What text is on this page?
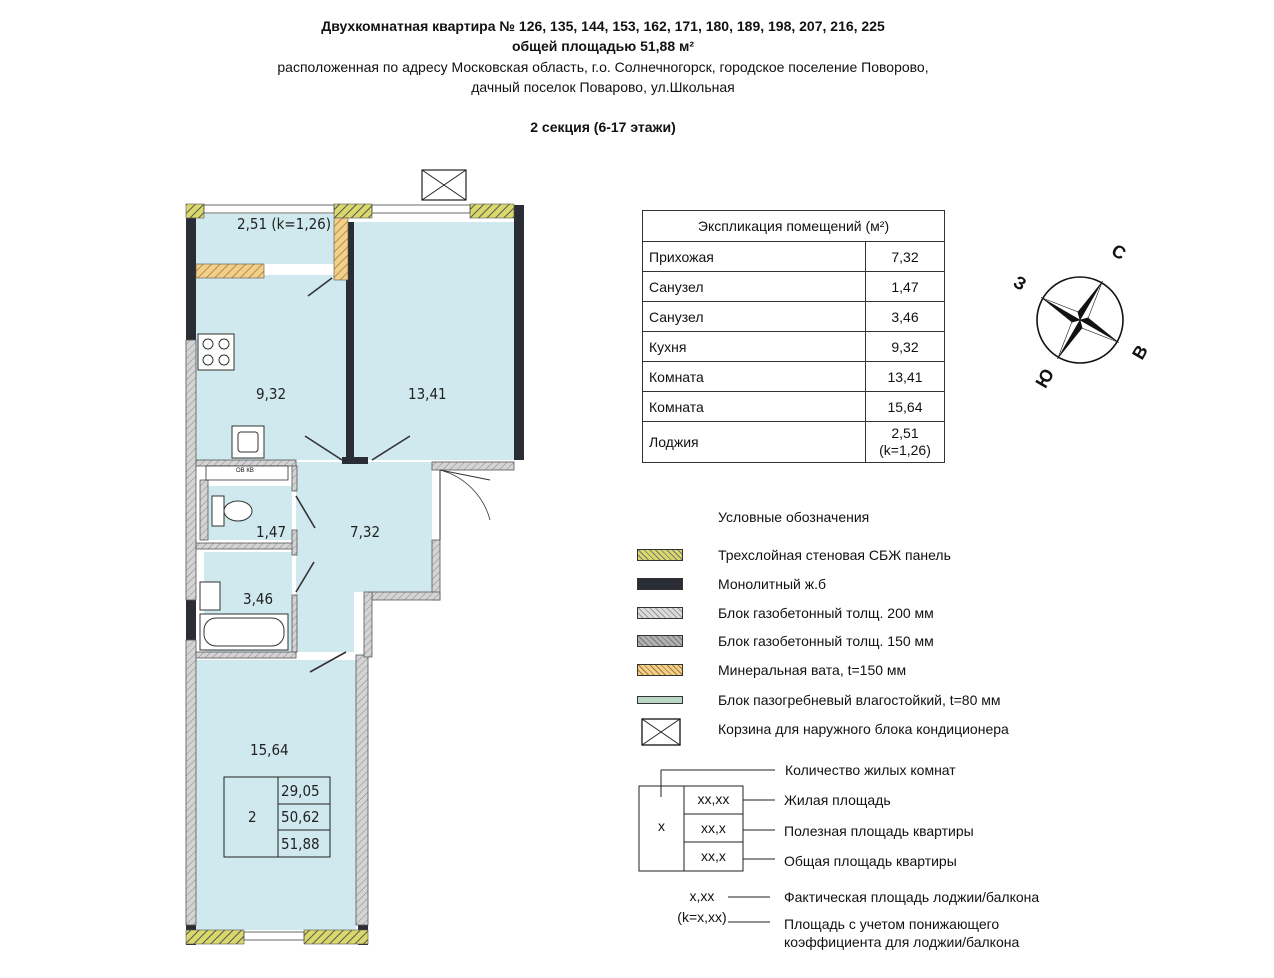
Двухкомнатная квартира № 126, 135, 144, 153, 162, 171, 180, 189, 198, 207, 216, 225
общей площадью 51,88 м²
расположенная по адресу Московская область, г.о. Солнечногорск, городское поселение Поворово,
дачный поселок Поварово, ул.Школьная
2 секция (6-17 этажи)
2,51 (k=1,26)
9,32	13,41
7,32
1,47
3,46
15,64
ОВ КВ
2
29,05
50,62
51,88
Экспликация помещений (м²)	
Прихожая	7,32
Санузел	1,47
Санузел	3,46
Кухня	9,32
Комната	13,41
Комната	15,64
Лоджия	2,51
(k=1,26)
С
В
Ю
З
Условные обозначения
Трехслойная стеновая СБЖ панель
Монолитный ж.б
Блок газобетонный толщ. 200 мм
Блок газобетонный толщ. 150 мм
Минеральная вата, t=150 мм
Блок пазогребневый влагостойкий, t=80 мм
Корзина для наружного блока кондиционера
x
xx,xx
xx,x
xx,x
x,xx
(k=x,xx)
Количество жилых комнат
Жилая площадь
Полезная площадь квартиры
Общая площадь квартиры
Фактическая площадь лоджии/балкона
Площадь с учетом понижающего
коэффициента для лоджии/балкона
